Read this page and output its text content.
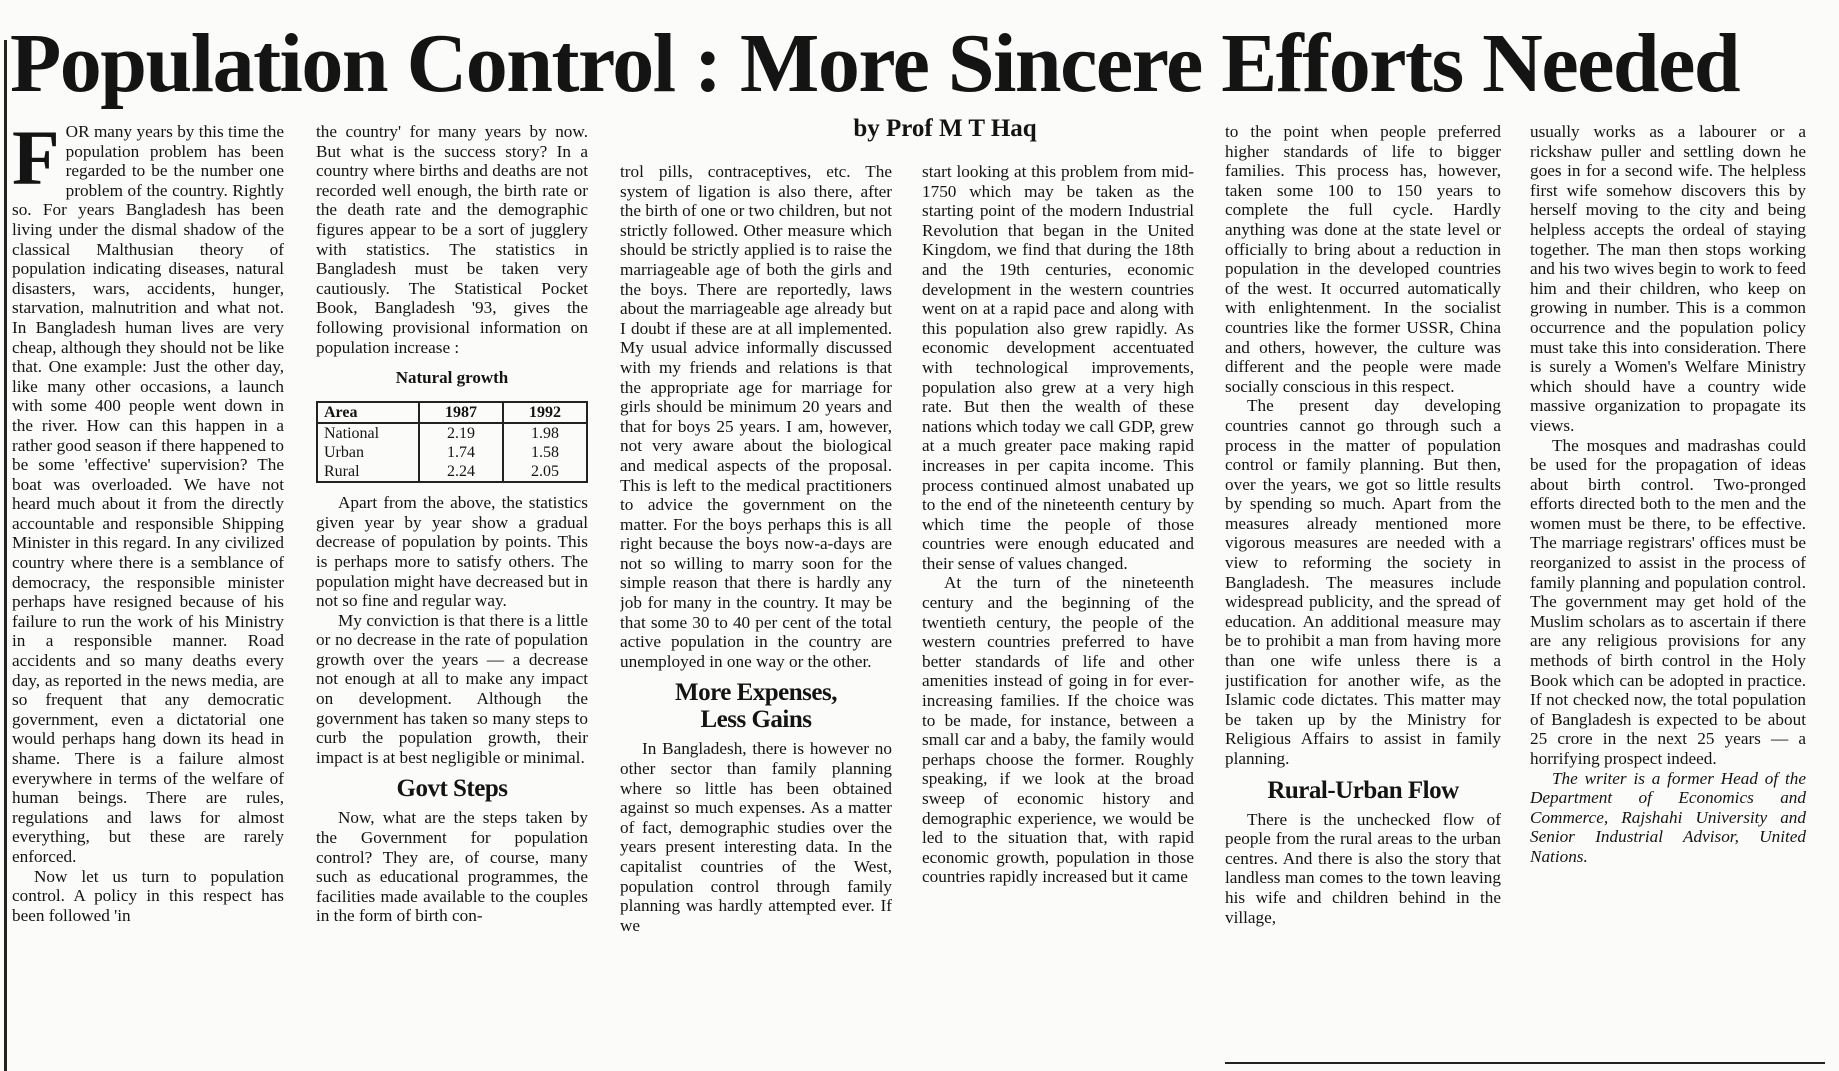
Population Control : More Sincere Efforts Needed
by Prof M T Haq

FOR many years by this time the population problem has been regarded to be the number one problem of the country. Rightly so. For years Bangladesh has been living under the dismal shadow of the classical Malthusian theory of population indicating diseases, natural disasters, wars, accidents, hunger, starvation, malnutrition and what not. In Bangladesh human lives are very cheap, although they should not be like that. One example: Just the other day, like many other occasions, a launch with some 400 people went down in the river. How can this happen in a rather good season if there happened to be some 'effective' supervision? The boat was overloaded. We have not heard much about it from the directly accountable and responsible Shipping Minister in this regard. In any civilized country where there is a semblance of democracy, the responsible minister perhaps have resigned because of his failure to run the work of his Ministry in a responsible manner. Road accidents and so many deaths every day, as reported in the news media, are so frequent that any democratic government, even a dictatorial one would perhaps hang down its head in shame. There is a failure almost everywhere in terms of the welfare of human beings. There are rules, regulations and laws for almost everything, but these are rarely enforced.

Now let us turn to population control. A policy in this respect has been followed 'in

the country' for many years by now. But what is the success story? In a country where births and deaths are not recorded well enough, the birth rate or the death rate and the demographic figures appear to be a sort of jugglery with statistics. The statistics in Bangladesh must be taken very cautiously. The Statistical Pocket Book, Bangladesh '93, gives the following provisional information on population increase :

Natural growth
Area	1987	1992
National	2.19	1.98
Urban	1.74	1.58
Rural	2.24	2.05

Apart from the above, the statistics given year by year show a gradual decrease of population by points. This is perhaps more to satisfy others. The population might have decreased but in not so fine and regular way.

My conviction is that there is a little or no decrease in the rate of population growth over the years — a decrease not enough at all to make any impact on development. Although the government has taken so many steps to curb the population growth, their impact is at best negligible or minimal.

Govt Steps

Now, what are the steps taken by the Government for population control? They are, of course, many such as educational programmes, the facilities made available to the couples in the form of birth con-

trol pills, contraceptives, etc. The system of ligation is also there, after the birth of one or two children, but not strictly followed. Other measure which should be strictly applied is to raise the marriageable age of both the girls and the boys. There are reportedly, laws about the marriageable age already but I doubt if these are at all implemented. My usual advice informally discussed with my friends and relations is that the appropriate age for marriage for girls should be minimum 20 years and that for boys 25 years. I am, however, not very aware about the biological and medical aspects of the proposal. This is left to the medical practitioners to advice the government on the matter. For the boys perhaps this is all right because the boys now-a-days are not so willing to marry soon for the simple reason that there is hardly any job for many in the country. It may be that some 30 to 40 per cent of the total active population in the country are unemployed in one way or the other.

More Expenses,
Less Gains

In Bangladesh, there is however no other sector than family planning where so little has been obtained against so much expenses. As a matter of fact, demographic studies over the years present interesting data. In the capitalist countries of the West, population control through family planning was hardly attempted ever. If we

start looking at this problem from mid-1750 which may be taken as the starting point of the modern Industrial Revolution that began in the United Kingdom, we find that during the 18th and the 19th centuries, economic development in the western countries went on at a rapid pace and along with this population also grew rapidly. As economic development accentuated with technological improvements, population also grew at a very high rate. But then the wealth of these nations which today we call GDP, grew at a much greater pace making rapid increases in per capita income. This process continued almost unabated up to the end of the nineteenth century by which time the people of those countries were enough educated and their sense of values changed.

At the turn of the nineteenth century and the beginning of the twentieth century, the people of the western countries preferred to have better standards of life and other amenities instead of going in for ever-increasing families. If the choice was to be made, for instance, between a small car and a baby, the family would perhaps choose the former. Roughly speaking, if we look at the broad sweep of economic history and demographic experience, we would be led to the situation that, with rapid economic growth, population in those countries rapidly increased but it came

to the point when people preferred higher standards of life to bigger families. This process has, however, taken some 100 to 150 years to complete the full cycle. Hardly anything was done at the state level or officially to bring about a reduction in population in the developed countries of the west. It occurred automatically with enlightenment. In the socialist countries like the former USSR, China and others, however, the culture was different and the people were made socially conscious in this respect.

The present day developing countries cannot go through such a process in the matter of population control or family planning. But then, over the years, we got so little results by spending so much. Apart from the measures already mentioned more vigorous measures are needed with a view to reforming the society in Bangladesh. The measures include widespread publicity, and the spread of education. An additional measure may be to prohibit a man from having more than one wife unless there is a justification for another wife, as the Islamic code dictates. This matter may be taken up by the Ministry for Religious Affairs to assist in family planning.

Rural-Urban Flow

There is the unchecked flow of people from the rural areas to the urban centres. And there is also the story that landless man comes to the town leaving his wife and children behind in the village,

usually works as a labourer or a rickshaw puller and settling down he goes in for a second wife. The helpless first wife somehow discovers this by herself moving to the city and being helpless accepts the ordeal of staying together. The man then stops working and his two wives begin to work to feed him and their children, who keep on growing in number. This is a common occurrence and the population policy must take this into consideration. There is surely a Women's Welfare Ministry which should have a country wide massive organization to propagate its views.

The mosques and madrashas could be used for the propagation of ideas about birth control. Two-pronged efforts directed both to the men and the women must be there, to be effective. The marriage registrars' offices must be reorganized to assist in the process of family planning and population control. The government may get hold of the Muslim scholars as to ascertain if there are any religious provisions for any methods of birth control in the Holy Book which can be adopted in practice. If not checked now, the total population of Bangladesh is expected to be about 25 crore in the next 25 years — a horrifying prospect indeed.

The writer is a former Head of the Department of Economics and Commerce, Rajshahi University and Senior Industrial Advisor, United Nations.
